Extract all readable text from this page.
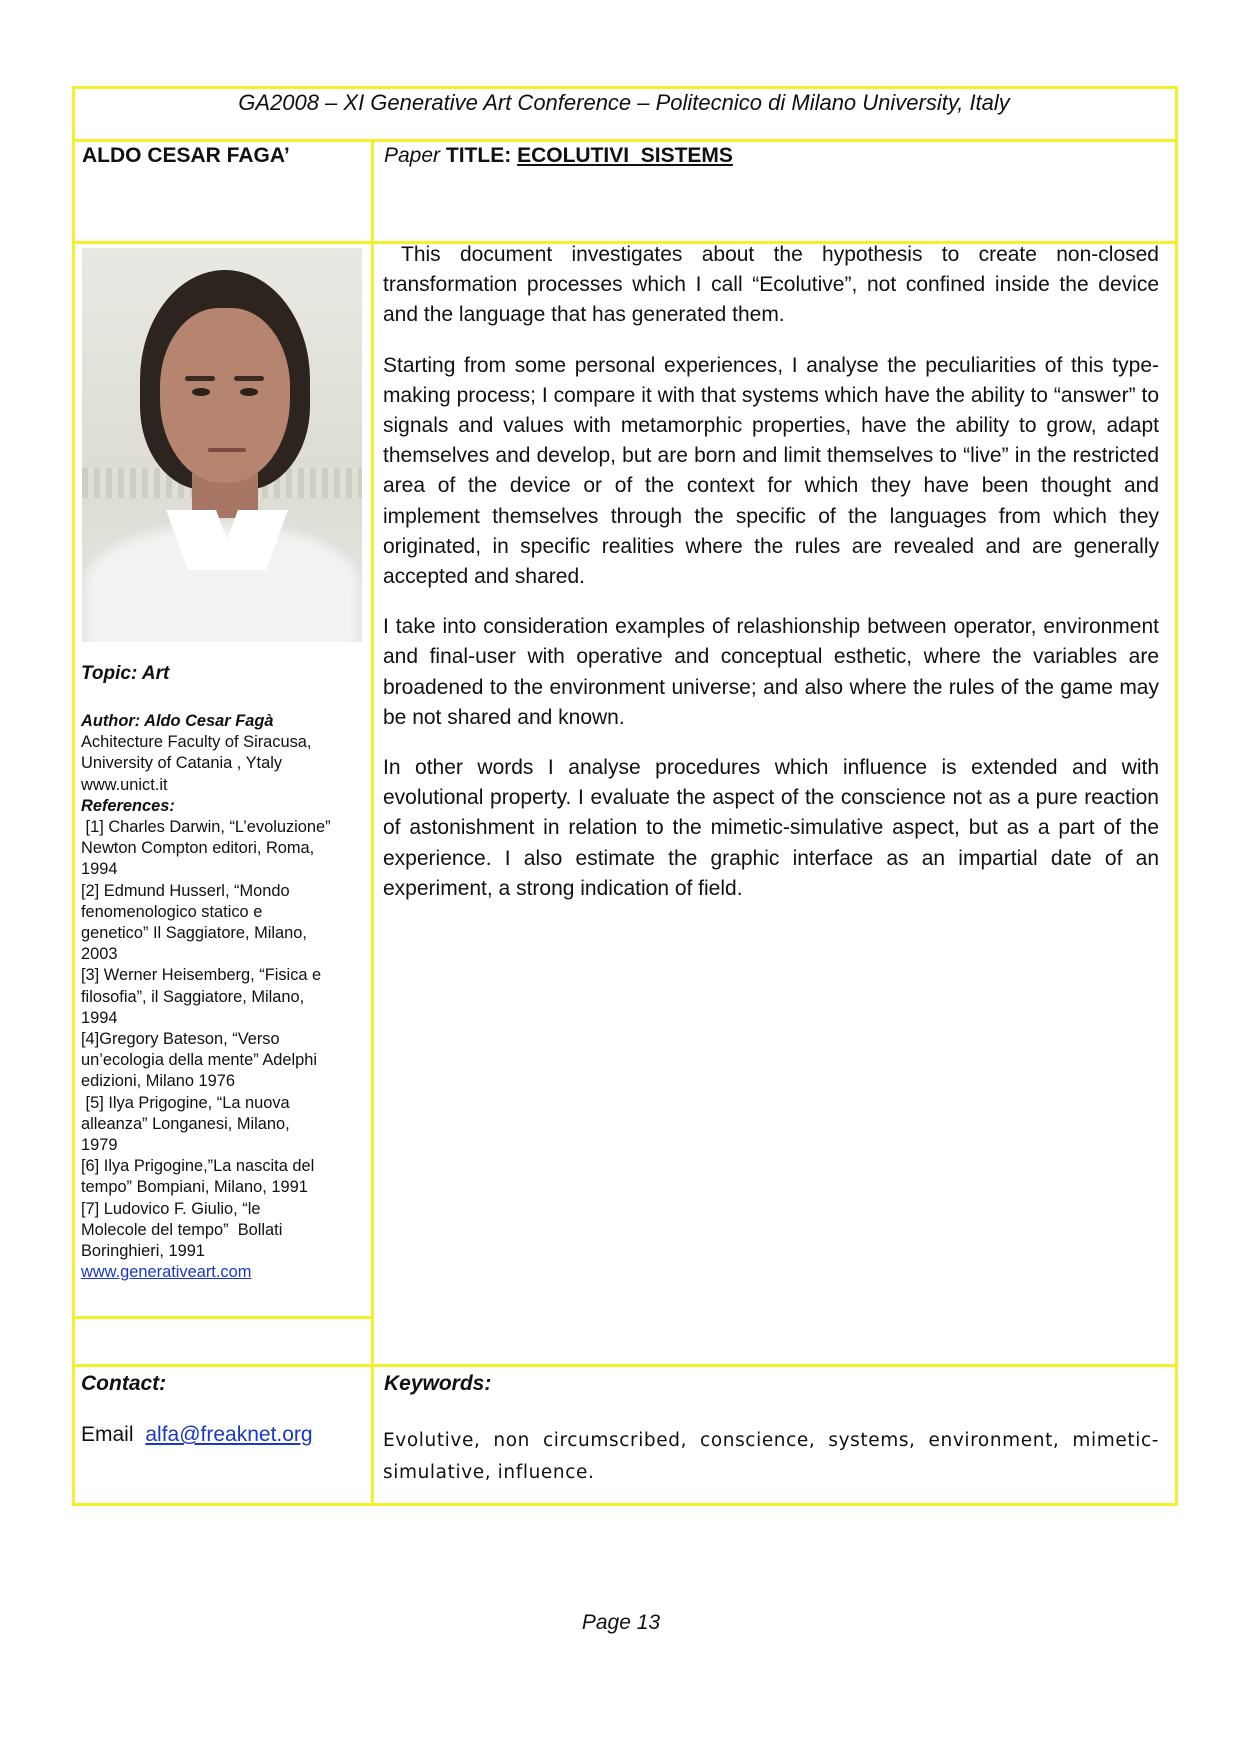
GA2008 – XI Generative Art Conference – Politecnico di Milano University, Italy
ALDO CESAR FAGA’	Paper TITLE: ECOLUTIVI  SISTEMS
Topic: Art
Author: Aldo Cesar Fagà
Achitecture Faculty of Siracusa,
University of Catania , Ytaly
www.unict.it
References:
[1] Charles Darwin, “L’evoluzione”
Newton Compton editori, Roma,
1994
[2] Edmund Husserl, “Mondo
fenomenologico statico e
genetico” Il Saggiatore, Milano,
2003
[3] Werner Heisemberg, “Fisica e
filosofia”, il Saggiatore, Milano,
1994
[4]Gregory Bateson, “Verso
un’ecologia della mente” Adelphi
edizioni, Milano 1976
[5] Ilya Prigogine, “La nuova
alleanza” Longanesi, Milano,
1979
[6] Ilya Prigogine,”La nascita del
tempo” Bompiani, Milano, 1991
[7] Ludovico F. Giulio, “le
Molecole del tempo”  Bollati
Boringhieri, 1991
www.generativeart.com

This document investigates about the hypothesis to create non-closed transformation processes which I call “Ecolutive”, not confined inside the device and the language that has generated them.

Starting from some personal experiences, I analyse the peculiarities of this type-making process; I compare it with that systems which have the ability to “answer” to signals and values with metamorphic properties, have the ability to grow, adapt themselves and develop, but are born and limit themselves to “live” in the restricted area of the device or of the context for which they have been thought and implement themselves through the specific of the languages from which they originated, in specific realities where the rules are revealed and are generally accepted and shared.

I take into consideration examples of relashionship between operator, environment and final-user with operative and conceptual esthetic, where the variables are broadened to the environment universe; and also where the rules of the game may be not shared and known.

In other words I analyse procedures which influence is extended and with evolutional property. I evaluate the aspect of the conscience not as a pure reaction of astonishment in relation to the mimetic-simulative aspect, but as a part of the experience. I also estimate the graphic interface as an impartial date of an experiment, a strong indication of field.

Contact:
Email alfa@freaknet.org
Keywords:
Evolutive, non circumscribed, conscience, systems, environment, mimetic-simulative, influence.
Page 13
